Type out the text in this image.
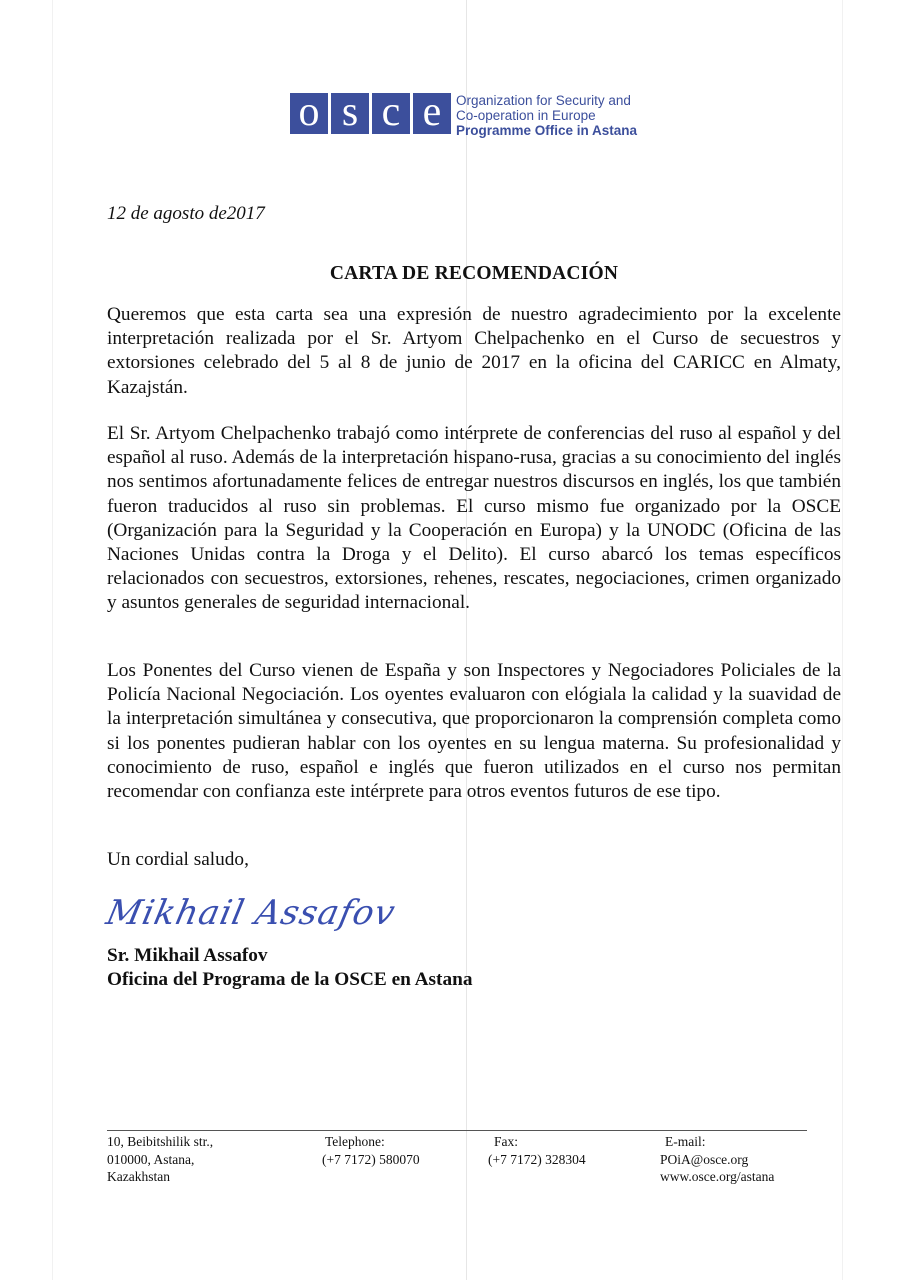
o s c e	Organization for Security and
Co-operation in Europe
Programme Office in Astana
12 de agosto de2017
CARTA DE RECOMENDACIÓN

Queremos que esta carta sea una expresión de nuestro agradecimiento por la excelente interpretación realizada por el Sr. Artyom Chelpachenko en el Curso de secuestros y extorsiones celebrado del 5 al 8 de junio de 2017 en la oficina del CARICC en Almaty, Kazajstán.

El Sr. Artyom Chelpachenko trabajó como intérprete de conferencias del ruso al español y del español al ruso. Además de la interpretación hispano-rusa, gracias a su conocimiento del inglés nos sentimos afortunadamente felices de entregar nuestros discursos en inglés, los que también fueron traducidos al ruso sin problemas. El curso mismo fue organizado por la OSCE (Organización para la Seguridad y la Cooperación en Europa) y la UNODC (Oficina de las Naciones Unidas contra la Droga y el Delito). El curso abarcó los temas específicos relacionados con secuestros, extorsiones, rehenes, rescates, negociaciones, crimen organizado y asuntos generales de seguridad internacional.

Los Ponentes del Curso vienen de España y son Inspectores y Negociadores Policiales de la Policía Nacional Negociación. Los oyentes evaluaron con elógiala la calidad y la suavidad de la interpretación simultánea y consecutiva, que proporcionaron la comprensión completa como si los ponentes pudieran hablar con los oyentes en su lengua materna. Su profesionalidad y conocimiento de ruso, español e inglés que fueron utilizados en el curso nos permitan recomendar con confianza este intérprete para otros eventos futuros de ese tipo.

Un cordial saludo,
Mikhail Assafov
Sr. Mikhail Assafov
Oficina del Programa de la OSCE en Astana
10, Beibitshilik str.,
010000, Astana,
Kazakhstan
Telephone:
(+7 7172) 580070
Fax:
(+7 7172) 328304
E-mail:
POiA@osce.org
www.osce.org/astana
